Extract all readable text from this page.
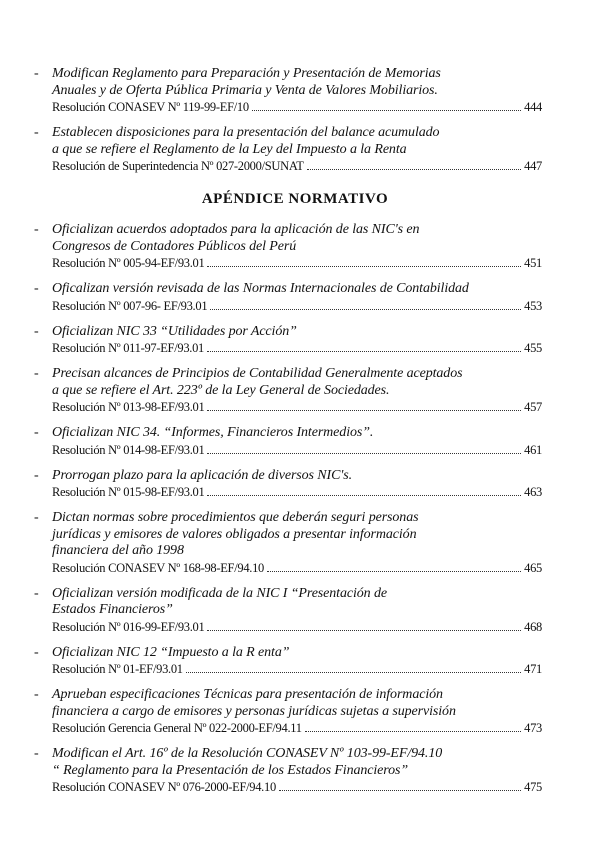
- Modifican Reglamento para Preparación y Presentación de Memorias
Anuales y de Oferta Pública Primaria y Venta de Valores Mobiliarios.
Resolución CONASEV Nº 119-99-EF/10	444
- Establecen disposiciones para la presentación del balance acumulado
a que se refiere el Reglamento de la Ley del Impuesto a la Renta
Resolución de Superintedencia Nº 027-2000/SUNAT	447
APÉNDICE NORMATIVO
- Oficializan acuerdos adoptados para la aplicación de las NIC's en
Congresos de Contadores Públicos del Perú
Resolución Nº 005-94-EF/93.01	451
- Oficalizan versión revisada de las Normas Internacionales de Contabilidad
Resolución Nº 007-96- EF/93.01	453
- Oficializan NIC 33 “Utilidades por Acción”
Resolución Nº 011-97-EF/93.01	455
- Precisan alcances de Principios de Contabilidad Generalmente aceptados
a que se refiere el Art. 223º de la Ley General de Sociedades.
Resolución Nº 013-98-EF/93.01	457
- Oficializan NIC 34. “Informes, Financieros Intermedios”.
Resolución Nº 014-98-EF/93.01	461
- Prorrogan plazo para la aplicación de diversos NIC's.
Resolución Nº 015-98-EF/93.01	463
- Dictan normas sobre procedimientos que deberán seguri personas
jurídicas y emisores de valores obligados a presentar información
financiera del año 1998
Resolución CONASEV Nº 168-98-EF/94.10	465
- Oficializan versión modificada de la NIC I “Presentación de
Estados Financieros”
Resolución Nº 016-99-EF/93.01	468
- Oficializan NIC 12 “Impuesto a la R enta”
Resolución Nº 01-EF/93.01	471
- Aprueban especificaciones Técnicas para presentación de información
financiera a cargo de emisores y personas jurídicas sujetas a supervisión
Resolución Gerencia General Nº 022-2000-EF/94.11	473
- Modifican el Art. 16º de la Resolución CONASEV Nº 103-99-EF/94.10
“ Reglamento para la Presentación de los Estados Financieros”
Resolución CONASEV Nº 076-2000-EF/94.10	475
